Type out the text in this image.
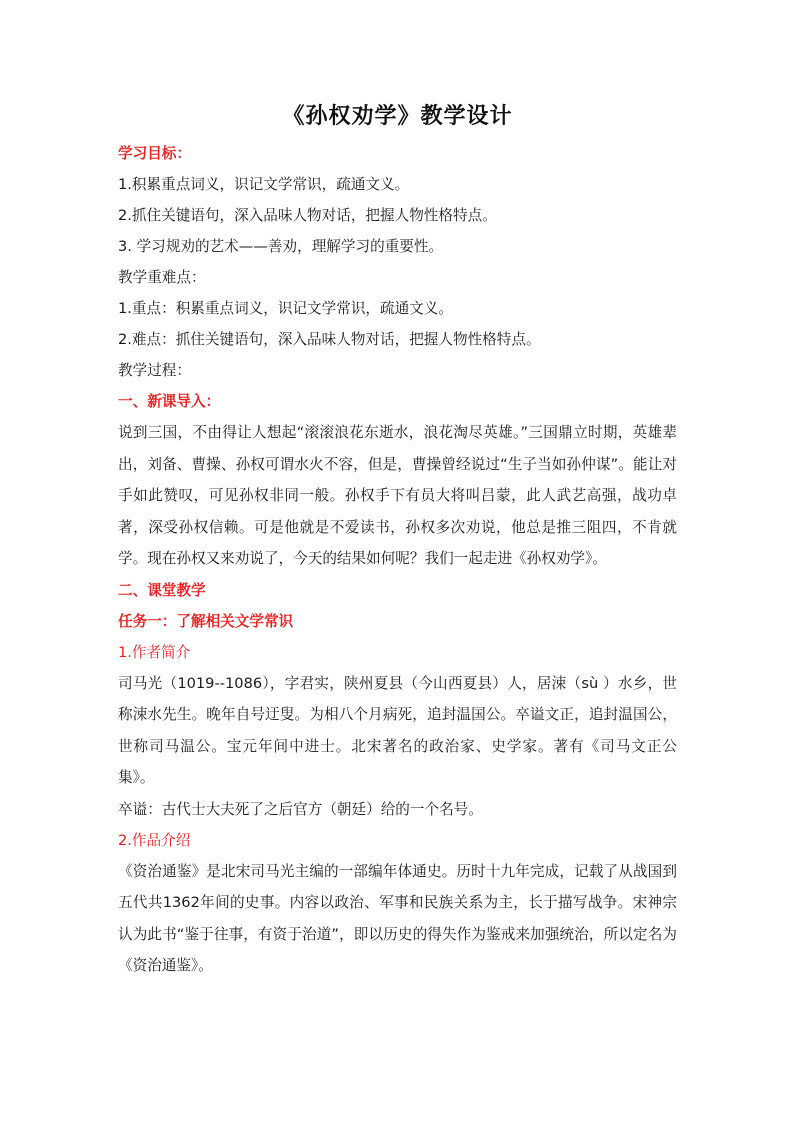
《孙权劝学》教学设计

学习目标：

1.积累重点词义，识记文学常识，疏通文义。

2.抓住关键语句，深入品味人物对话，把握人物性格特点。

3. 学习规劝的艺术——善劝，理解学习的重要性。

教学重难点：

1.重点：积累重点词义，识记文学常识，疏通文义。

2.难点：抓住关键语句，深入品味人物对话，把握人物性格特点。

教学过程：

一、新课导入：

说到三国，不由得让人想起“滚滚浪花东逝水，浪花淘尽英雄。”三国鼎立时期，英雄辈出，刘备、曹操、孙权可谓水火不容，但是，曹操曾经说过“生子当如孙仲谋”。能让对手如此赞叹，可见孙权非同一般。孙权手下有员大将叫吕蒙，此人武艺高强，战功卓著，深受孙权信赖。可是他就是不爱读书，孙权多次劝说，他总是推三阻四，不肯就学。现在孙权又来劝说了，今天的结果如何呢？我们一起走进《孙权劝学》。

二、课堂教学

任务一：了解相关文学常识

1.作者简介

司马光（1019--1086），字君实，陕州夏县（今山西夏县）人，居涑（sù ）水乡，世称涑水先生。晚年自号迂叟。为相八个月病死，追封温国公。卒谥文正，追封温国公，世称司马温公。宝元年间中进士。北宋著名的政治家、史学家。著有《司马文正公集》。

卒谥：古代士大夫死了之后官方（朝廷）给的一个名号。

2.作品介绍

《资治通鉴》是北宋司马光主编的一部编年体通史。历时十九年完成，记载了从战国到五代共1362年间的史事。内容以政治、军事和民族关系为主，长于描写战争。宋神宗认为此书“鉴于往事，有资于治道”，即以历史的得失作为鉴戒来加强统治，所以定名为《资治通鉴》。
